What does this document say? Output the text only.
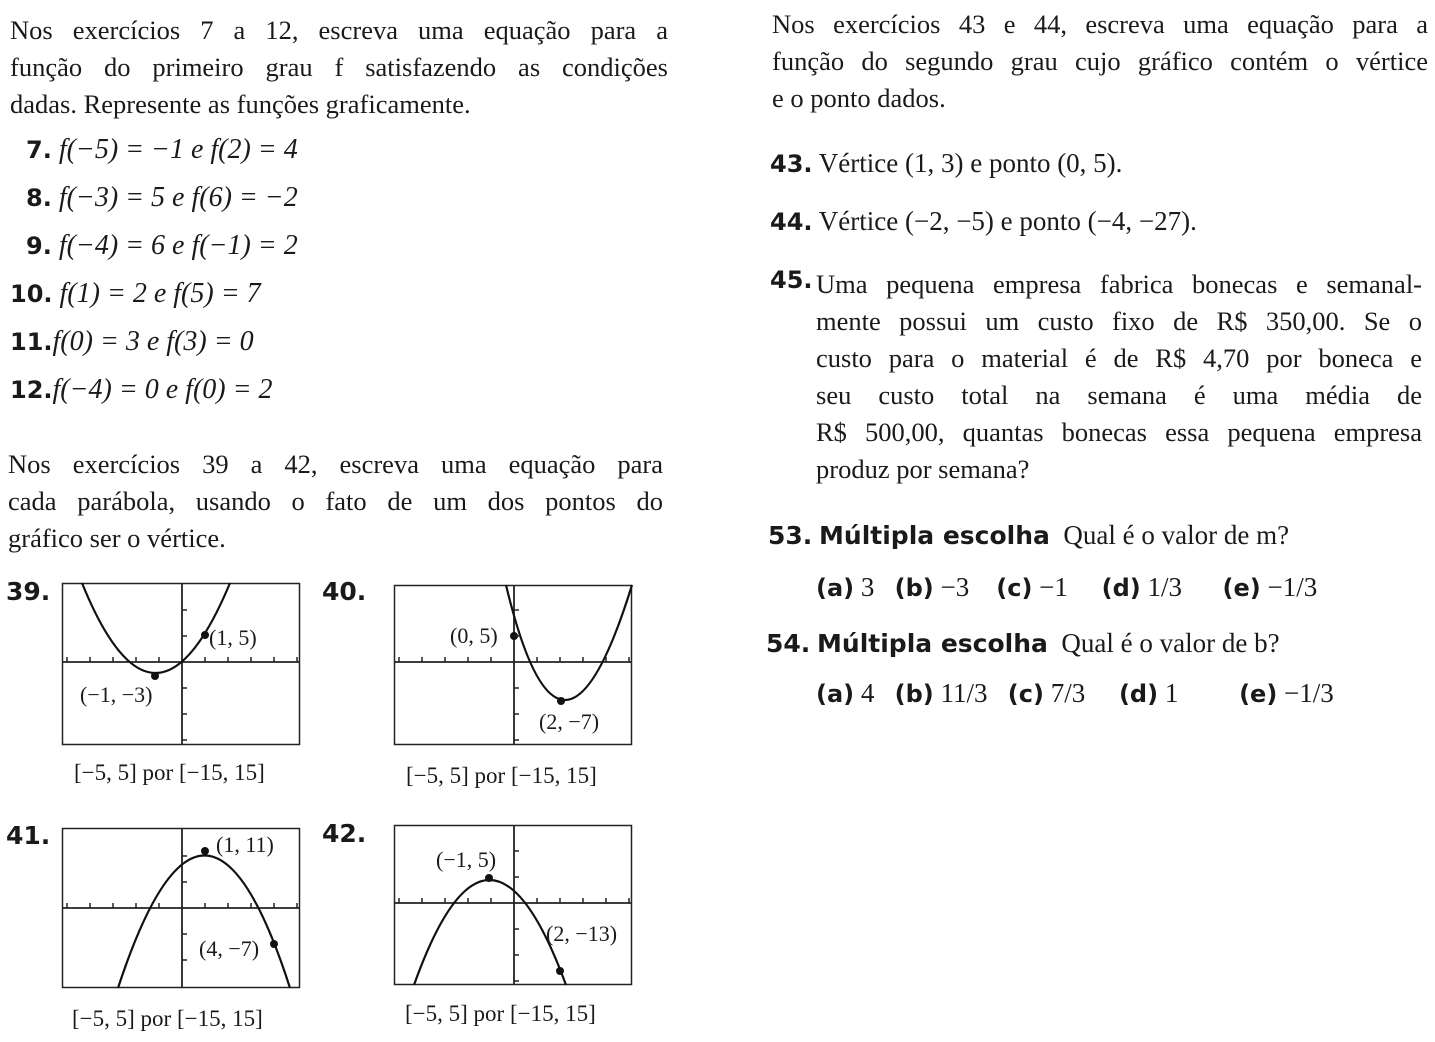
Nos exercícios 7 a 12, escreva uma equação para a
função do primeiro grau f satisfazendo as condições
dadas. Represente as funções graficamente.
7. f(−5) = −1 e f(2) = 4
8. f(−3) = 5 e f(6) = −2
9. f(−4) = 6 e f(−1) = 2
10. f(1) = 2 e f(5) = 7
11.f(0) = 3 e f(3) = 0
12.f(−4) = 0 e f(0) = 2
Nos exercícios 39 a 42, escreva uma equação para
cada parábola, usando o fato de um dos pontos do
gráfico ser o vértice.
39.
(1, 5)
(−1, −3)
[−5, 5] por [−15, 15]
40.
(0, 5)
(2, −7)
[−5, 5] por [−15, 15]
41.	(1, 11)
(4, −7)
[−5, 5] por [−15, 15]
42.
(−1, 5)
(2, −13)
[−5, 5] por [−15, 15]
Nos exercícios 43 e 44, escreva uma equação para a
função do segundo grau cujo gráfico contém o vértice
e o ponto dados.
43. Vértice (1, 3) e ponto (0, 5).
44. Vértice (−2, −5) e ponto (−4, −27).
45. Uma pequena empresa fabrica bonecas e semanal-
mente possui um custo fixo de R$ 350,00. Se o
custo para o material é de R$ 4,70 por boneca e
seu custo total na semana é uma média de
R$ 500,00, quantas bonecas essa pequena empresa
produz por semana?
53. Múltipla escolha Qual é o valor de m?
(a) 3 (b) −3 (c) −1 (d) 1/3 (e) −1/3
54. Múltipla escolha Qual é o valor de b?
(a) 4 (b) 11/3 (c) 7/3 (d) 1	(e) −1/3
